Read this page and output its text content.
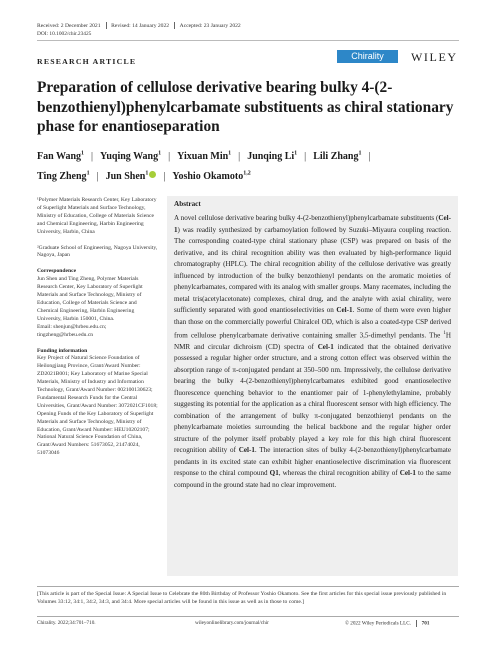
Received: 2 December 2021 Revised: 14 January 2022 Accepted: 23 January 2022
DOI: 10.1002/chir.23425
RESEARCH ARTICLE
Chirality	WILEY
Preparation of cellulose derivative bearing bulky 4-(2-benzothienyl)phenylcarbamate substituents as chiral stationary phase for enantioseparation
Fan Wang$^1$ | Yuqing Wang$^1$ | Yixuan Min$^1$ | Junqing Li$^1$ | Lili Zhang$^1$ |
Ting Zheng$^1$ | Jun Shen$^1$ | Yoshio Okamoto$^{1,2}$

¹Polymer Materials Research Center, Key Laboratory of Superlight Materials and Surface Technology, Ministry of Education, College of Materials Science and Chemical Engineering, Harbin Engineering University, Harbin, China

²Graduate School of Engineering, Nagoya University, Nagoya, Japan

Correspondence

Jun Shen and Ting Zheng, Polymer Materials Research Center, Key Laboratory of Superlight Materials and Surface Technology, Ministry of Education, College of Materials Science and Chemical Engineering, Harbin Engineering University, Harbin 150001, China.

Email: shenjun@hrbeu.edu.cn; tingzheng@hrbeu.edu.cn

Funding information

Key Project of Natural Science Foundation of Heilongjiang Province, Grant/Award Number: ZD2021B001; Key Laboratory of Marine Special Materials, Ministry of Industry and Information Technology, Grant/Award Number: 002100130623; Fundamental Research Funds for the Central Universities, Grant/Award Number: 3072021CF1018; Opening Funds of the Key Laboratory of Superlight Materials and Surface Technology, Ministry of Education, Grant/Award Number: HEU10202107; National Natural Science Foundation of China, Grant/Award Numbers: 51673052, 21474024, 51073046

Abstract
A novel cellulose derivative bearing bulky 4-(2-benzothienyl)phenylcarbamate substituents (Cel-1) was readily synthesized by carbamoylation followed by Suzuki–Miyaura coupling reaction. The corresponding coated-type chiral stationary phase (CSP) was prepared on basis of the derivative, and its chiral recognition ability was then evaluated by high-performance liquid chromatography (HPLC). The chiral recognition ability of the cellulose derivative was greatly influenced by introduction of the bulky benzothienyl pendants on the aromatic moieties of phenylcarbamates, compared with its analog with smaller groups. Many racemates, including the metal tris(acetylacetonate) complexes, chiral drug, and the analyte with axial chirality, were sufficiently separated with good enantioselectivities on Cel-1. Some of them were even higher than those on the commercially powerful Chiralcel OD, which is also a coated-type CSP derived from cellulose phenylcarbamate derivative containing smaller 3,5-dimethyl pendants. The $^1$H NMR and circular dichroism (CD) spectra of Cel-1 indicated that the obtained derivative possessed a regular higher order structure, and a strong cotton effect was observed within the absorption range of π-conjugated pendant at 350–500 nm. Impressively, the cellulose derivative bearing the bulky 4-(2-benzothienyl)phenylcarbamates exhibited good enantioselective fluorescence quenching behavior to the enantiomer pair of 1-phenylethylamine, probably suggesting its potential for the application as a chiral fluorescent sensor with high efficiency. The combination of the arrangement of bulky π-conjugated benzothienyl pendants on the phenylcarbamate moieties surrounding the helical backbone and the regular higher order structure of the polymer itself probably played a key role for this high chiral fluorescent recognition ability of Cel-1. The interaction sites of bulky 4-(2-benzothienyl)phenylcarbamate pendants in its excited state can exhibit higher enantioselective discrimination via fluorescent response to the chiral compound Q1, whereas the chiral recognition ability of Cel-1 to the same compound in the ground state had no clear improvement.
[This article is part of the Special Issue: A Special Issue to Celebrate the 80th Birthday of Professor Yoshio Okamoto. See the first articles for this special issue previously published in Volumes 33:12, 34:1, 34:2, 34:3, and 34:4. More special articles will be found in this issue as well as in those to come.]
Chirality. 2022;34:701–710.	wileyonlinelibrary.com/journal/chir	© 2022 Wiley Periodicals LLC. 701
